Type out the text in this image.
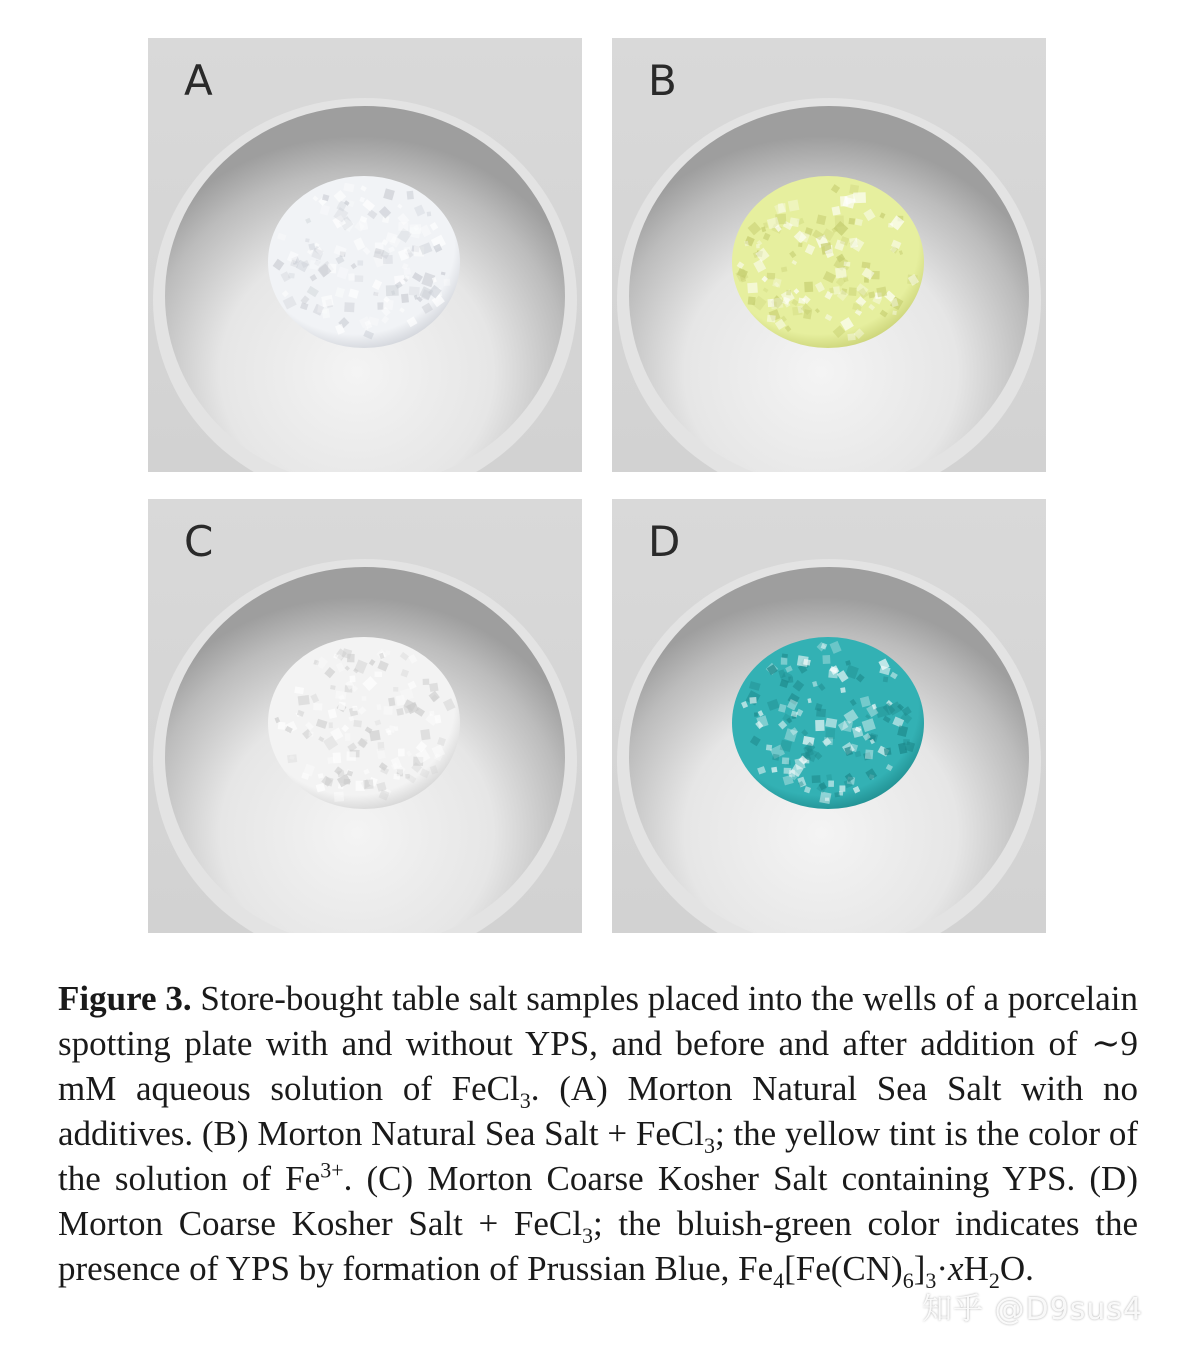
A	B
C	D
Figure 3. Store-bought table salt samples placed into the wells of a porcelain spotting plate with and without YPS, and before and after addition of ∼9 mM aqueous solution of FeCl$_3$. (A) Morton Natural Sea Salt with no additives. (B) Morton Natural Sea Salt + FeCl$_3$; the yellow tint is the color of the solution of $Fe^{3+}$. (C) Morton Coarse Kosher Salt containing YPS. (D) Morton Coarse Kosher Salt + FeCl$_3$; the bluish-green color indicates the presence of YPS by formation of Prussian Blue, $Fe_4[Fe(CN)_6]_3\cdot xH_2O$.
知乎 @D9sus4
